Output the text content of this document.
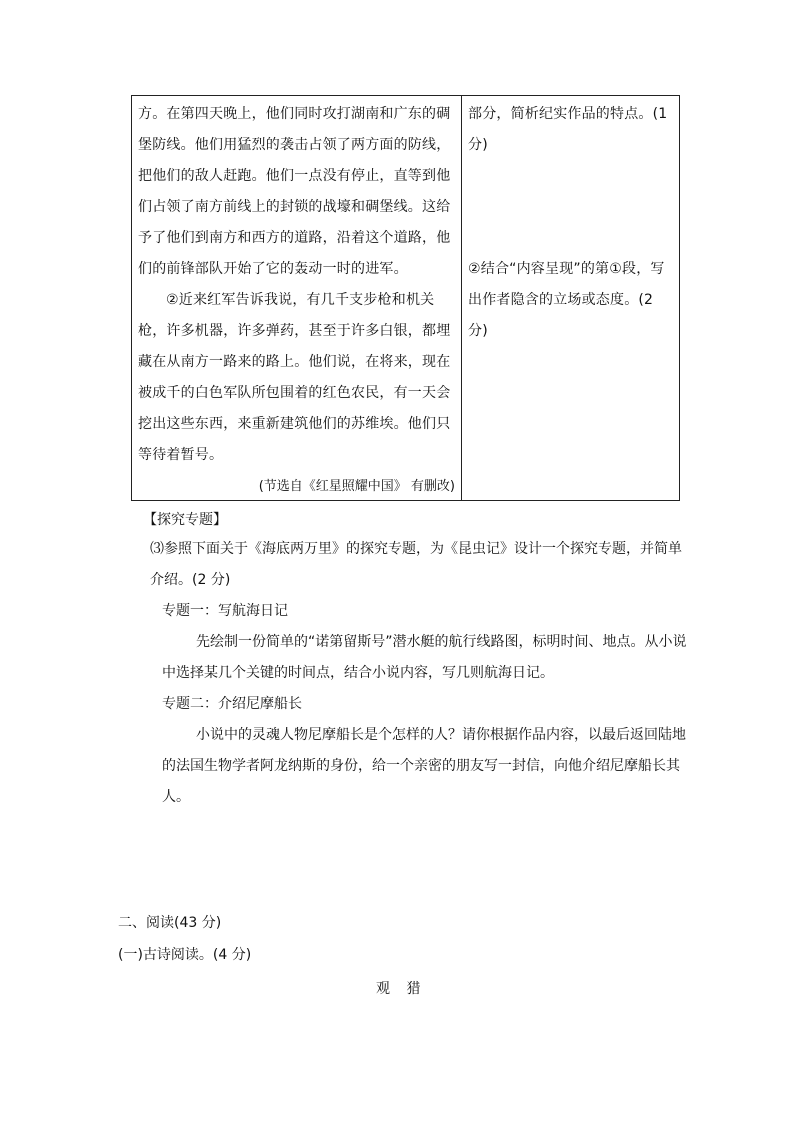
方。在第四天晚上，他们同时攻打湖南和广东的碉堡防线。他们用猛烈的袭击占领了两方面的防线，把他们的敌人赶跑。他们一点没有停止，直等到他们占领了南方前线上的封锁的战壕和碉堡线。这给予了他们到南方和西方的道路，沿着这个道路，他们的前锋部队开始了它的轰动一时的进军。

②近来红军告诉我说，有几千支步枪和机关枪，许多机器，许多弹药，甚至于许多白银，都埋藏在从南方一路来的路上。他们说，在将来，现在被成千的白色军队所包围着的红色农民，有一天会挖出这些东西，来重新建筑他们的苏维埃。他们只等待着暂号。

(节选自《红星照耀中国》 有删改)

部分，简析纪实作品的特点。(1分)

②结合“内容呈现”的第①段，写出作者隐含的立场或态度。(2 分)

【探究专题】

⑶参照下面关于《海底两万里》的探究专题，为《昆虫记》设计一个探究专题，并简单介绍。(2 分)

专题一：写航海日记

先绘制一份简单的“诺第留斯号”潜水艇的航行线路图，标明时间、地点。从小说中选择某几个关键的时间点，结合小说内容，写几则航海日记。

专题二：介绍尼摩船长

小说中的灵魂人物尼摩船长是个怎样的人？请你根据作品内容，以最后返回陆地的法国生物学者阿龙纳斯的身份，给一个亲密的朋友写一封信，向他介绍尼摩船长其人。

二、阅读(43 分)

(一)古诗阅读。(4 分)

观 猎
